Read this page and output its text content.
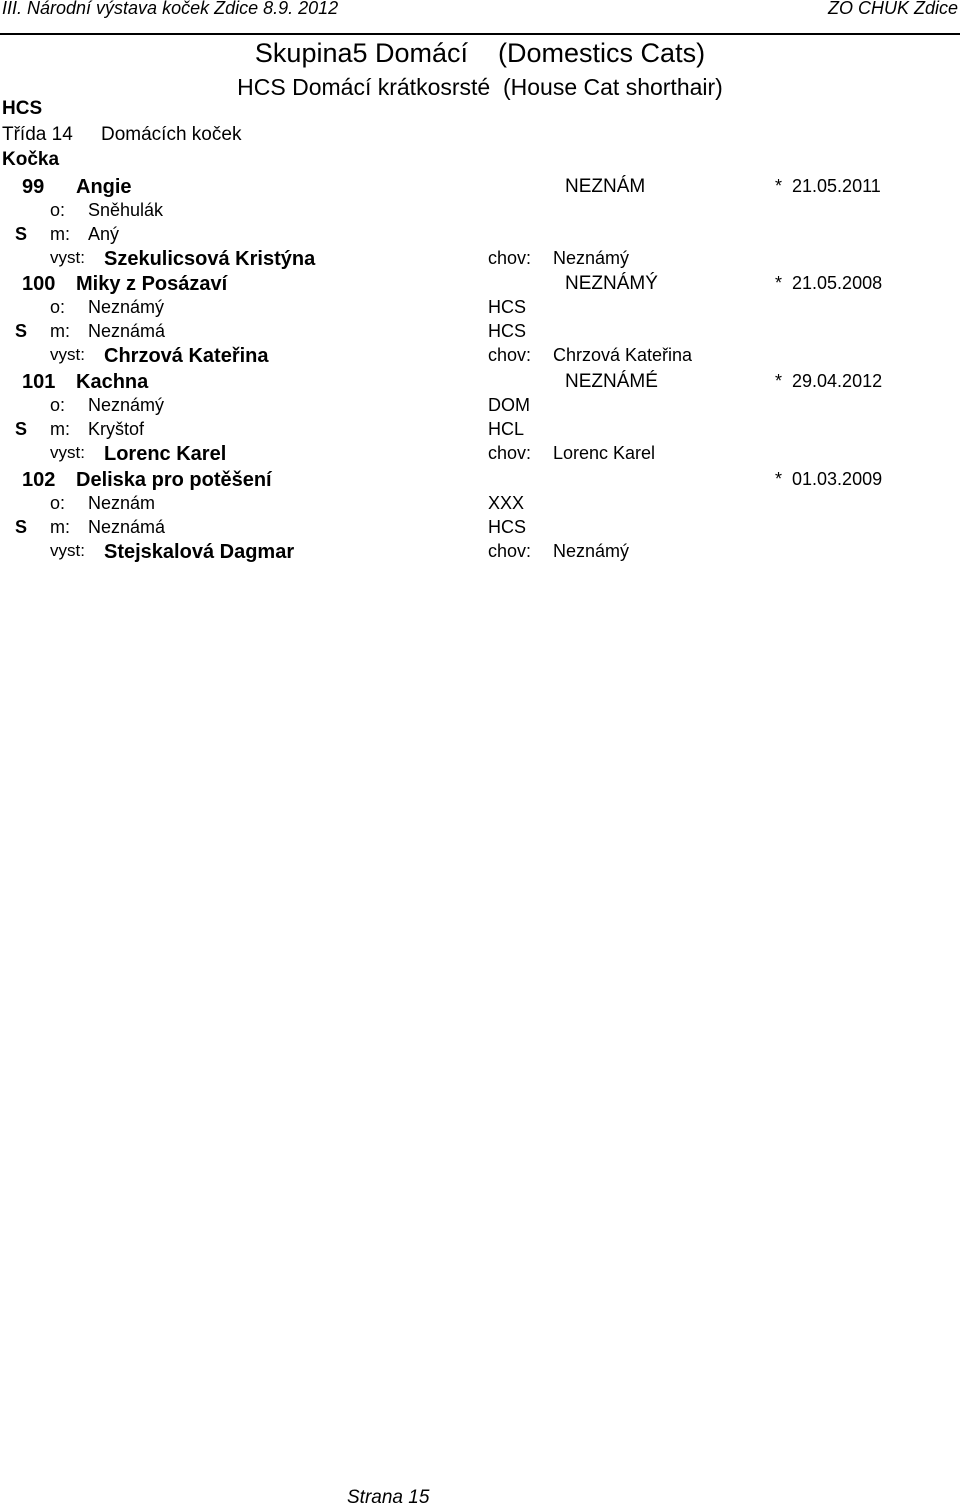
III. Národní výstava koček Zdice 8.9. 2012	ZO CHUK Zdice
Skupina5 Domácí    (Domestics Cats)
HCS Domácí krátkosrsté  (House Cat shorthair)
HCS
Třída 14 Domácích koček
Kočka
99 Angie	NEZNÁM	*  21.05.2011
o: Sněhulák
S m: Aný
vyst: Szekulicsová Kristýna	chov: Neznámý
100 Miky z Posázaví	NEZNÁMÝ	*  21.05.2008
o: Neznámý	HCS
S m: Neznámá	HCS
vyst: Chrzová Kateřina	chov: Chrzová Kateřina
101 Kachna	NEZNÁMÉ	*  29.04.2012
o: Neznámý	DOM
S m: Kryštof	HCL
vyst: Lorenc Karel	chov: Lorenc Karel
102 Deliska pro potěšení	*  01.03.2009
o: Neznám	XXX
S m: Neznámá	HCS
vyst: Stejskalová Dagmar	chov: Neznámý
Strana 15
